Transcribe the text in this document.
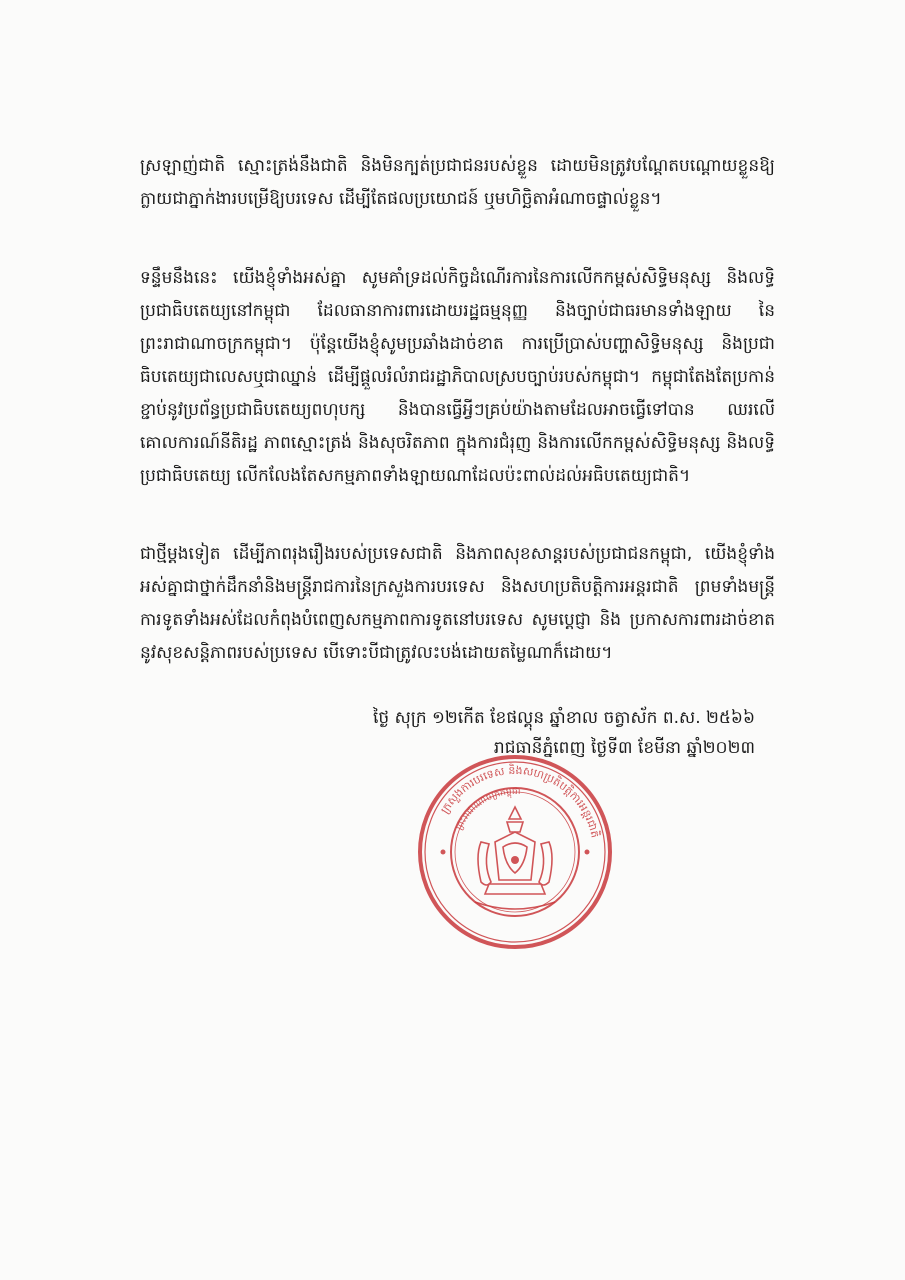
ស្រឡាញ់ជាតិ ស្មោះត្រង់នឹងជាតិ និងមិនក្បត់ប្រជាជនរបស់ខ្លួន ដោយមិនត្រូវបណ្ដែតបណ្ដោយខ្លួនឱ្យក្លាយជាភ្នាក់ងារបម្រើឱ្យបរទេស ដើម្បីតែផលប្រយោជន៍ ឬមហិច្ឆិតាអំណាចផ្ទាល់ខ្លួន។

ទន្ទឹមនឹងនេះ យើងខ្ញុំទាំងអស់គ្នា សូមគាំទ្រដល់កិច្ចដំណើរការនៃការលើកកម្ពស់សិទ្ធិមនុស្ស និងលទ្ធិប្រជាធិបតេយ្យនៅកម្ពុជា ដែលធានាការពារដោយរដ្ឋធម្មនុញ្ញ និងច្បាប់ជាធរមានទាំងឡាយ នៃព្រះរាជាណាចក្រកម្ពុជា។ ប៉ុន្តែយើងខ្ញុំសូមប្រឆាំងដាច់ខាត ការប្រើប្រាស់បញ្ហាសិទ្ធិមនុស្ស និងប្រជាធិបតេយ្យជាលេសឬជាឈ្នាន់ ដើម្បីផ្ដួលរំលំរាជរដ្ឋាភិបាលស្របច្បាប់របស់កម្ពុជា។ កម្ពុជាតែងតែប្រកាន់ខ្ជាប់នូវប្រព័ន្ធប្រជាធិបតេយ្យពហុបក្ស និងបានធ្វើអ្វីៗគ្រប់យ៉ាងតាមដែលអាចធ្វើទៅបាន ឈរលើគោលការណ៍នីតិរដ្ឋ ភាពស្មោះត្រង់ និងសុចរិតភាព ក្នុងការជំរុញ និងការលើកកម្ពស់សិទ្ធិមនុស្ស និងលទ្ធិប្រជាធិបតេយ្យ លើកលែងតែសកម្មភាពទាំងឡាយណាដែលប៉ះពាល់ដល់អធិបតេយ្យជាតិ។

ជាថ្មីម្ដងទៀត ដើម្បីភាពរុងរឿងរបស់ប្រទេសជាតិ និងភាពសុខសាន្តរបស់ប្រជាជនកម្ពុជា, យើងខ្ញុំទាំងអស់គ្នាជាថ្នាក់ដឹកនាំនិងមន្ត្រីរាជការនៃក្រសួងការបរទេស និងសហប្រតិបត្តិការអន្តរជាតិ ព្រមទាំងមន្ត្រីការទូតទាំងអស់ដែលកំពុងបំពេញសកម្មភាពការទូតនៅបរទេស សូមប្ដេជ្ញា និង ប្រកាសការពារដាច់ខាតនូវសុខសន្តិភាពរបស់ប្រទេស បើទោះបីជាត្រូវលះបង់ដោយតម្លៃណាក៏ដោយ។

ថ្ងៃ សុក្រ ១២កើត ខែផល្គុន ឆ្នាំខាល ចត្វាស័ក ព.ស. ២៥៦៦
រាជធានីភ្នំពេញ ថ្ងៃទី៣ ខែមីនា ឆ្នាំ២០២៣
ក្រសួងការបរទេស និងសហប្រតិបត្តិការអន្តរជាតិ
ព្រះរាជាណាចក្រកម្ពុជា
